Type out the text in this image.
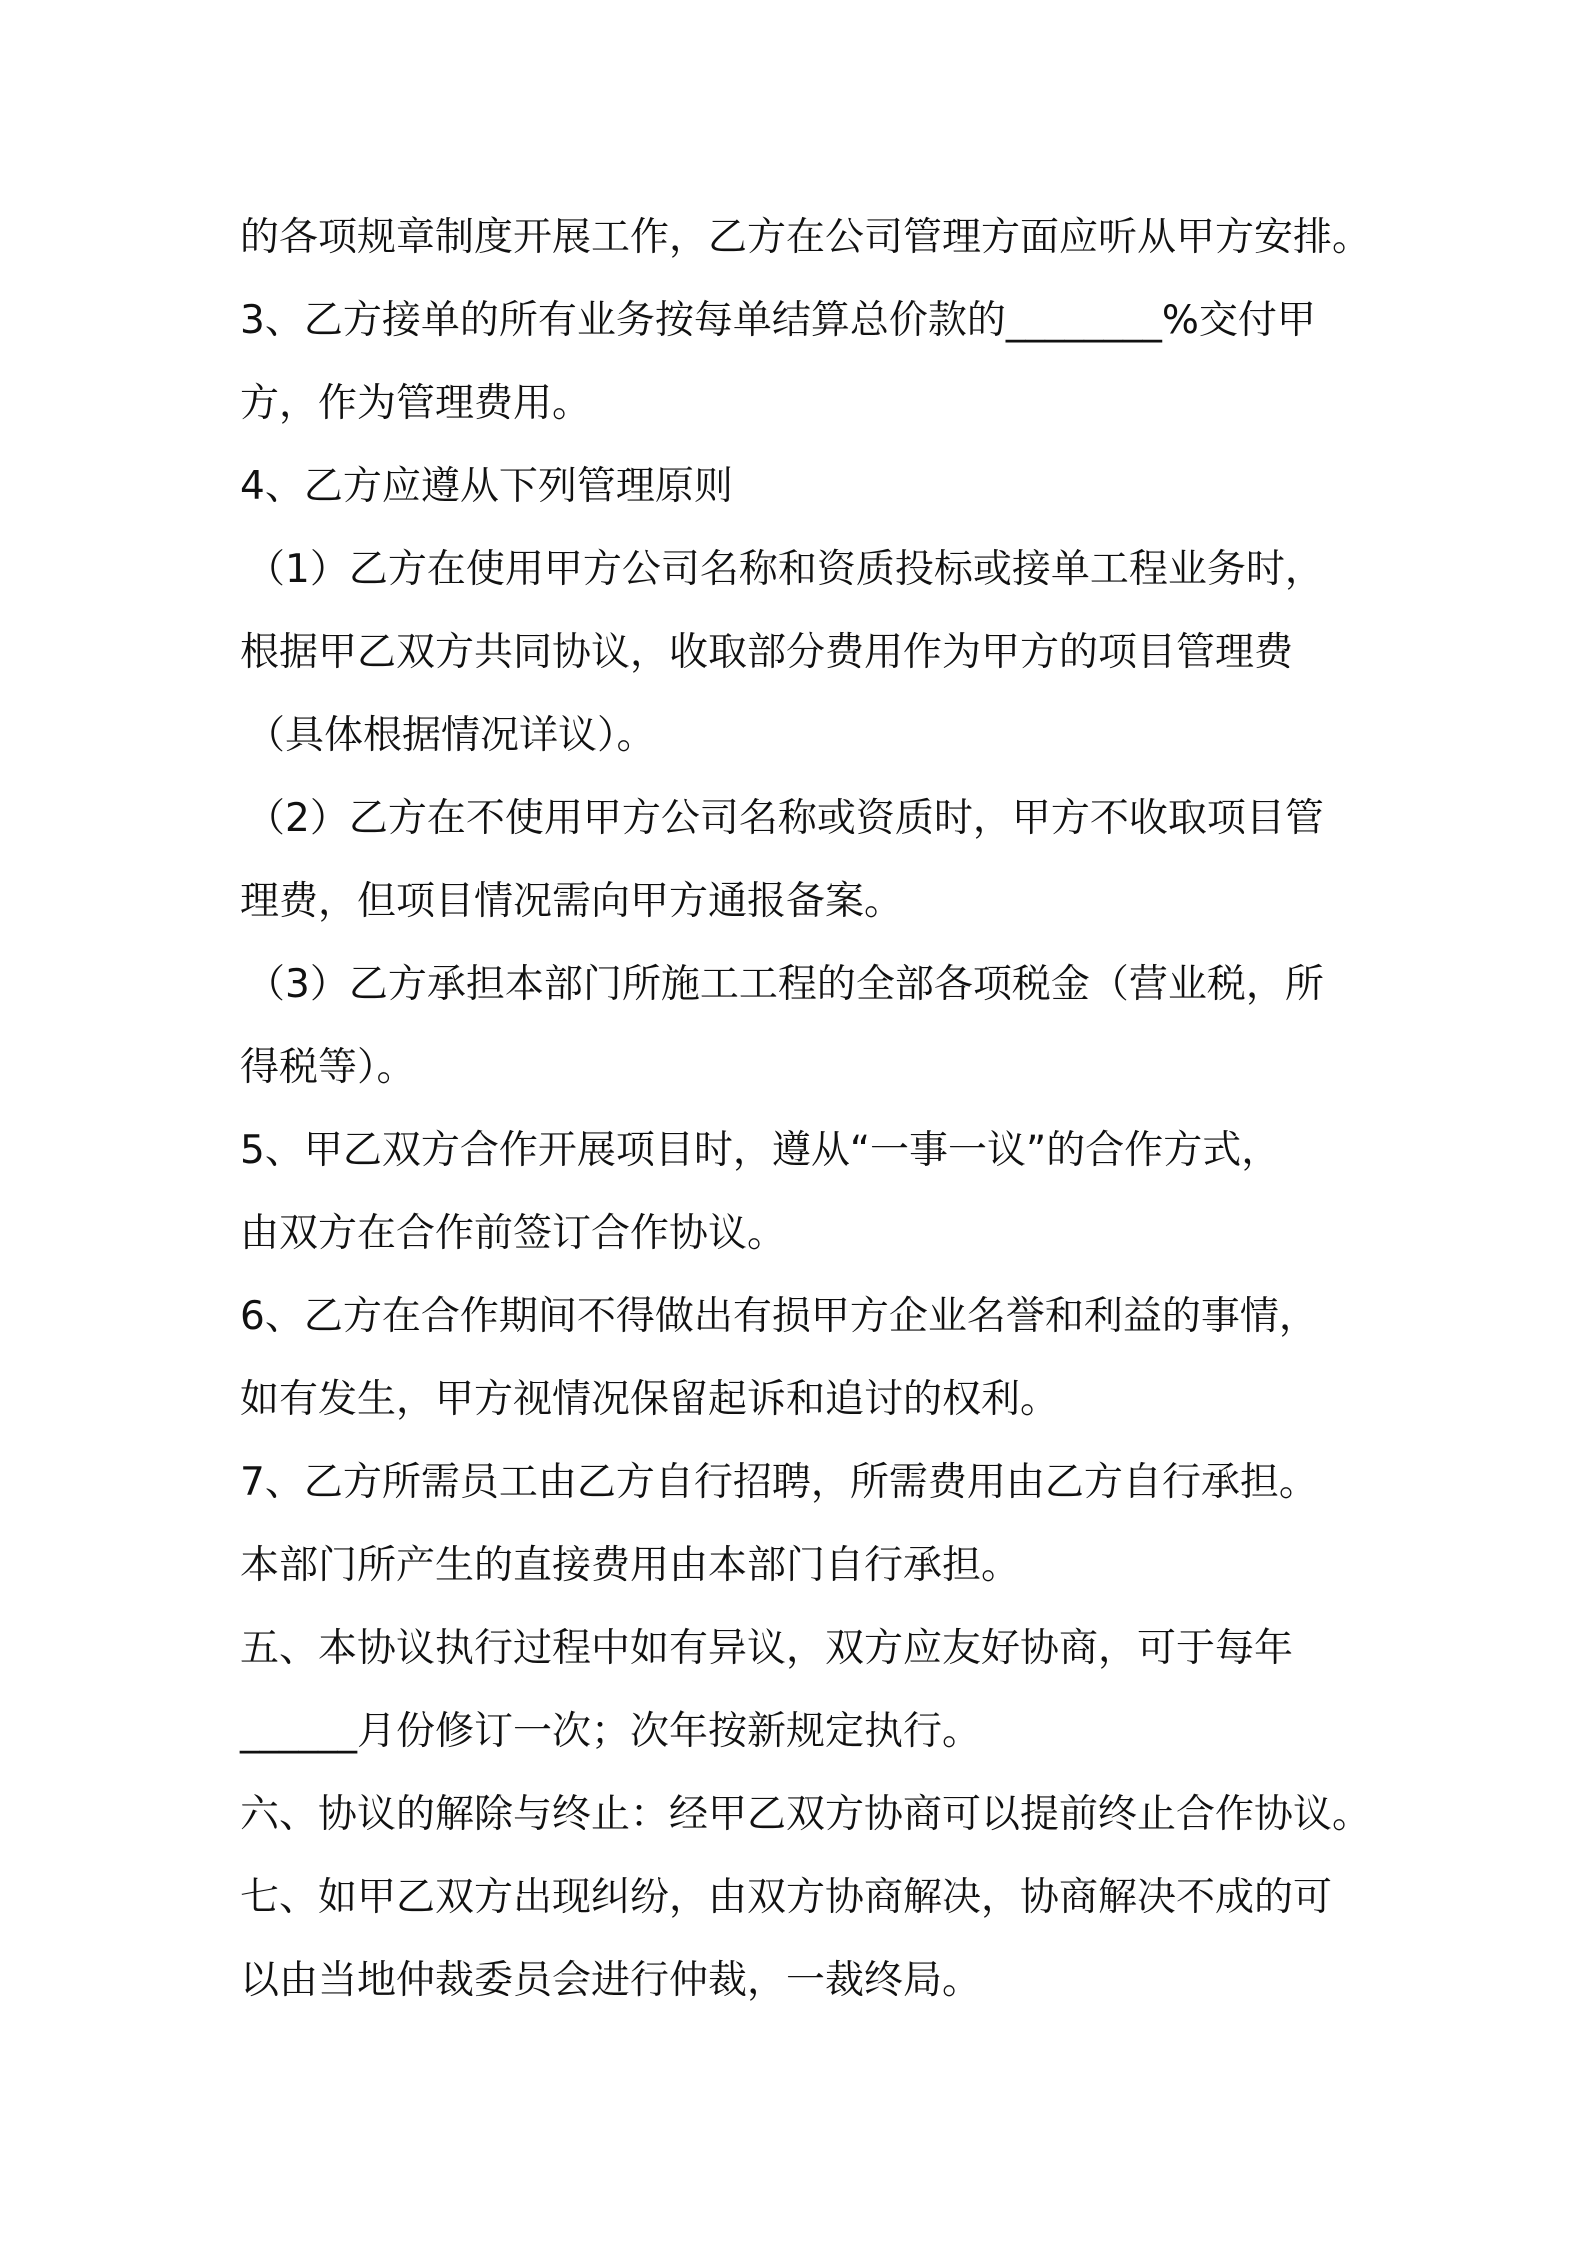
的各项规章制度开展工作，乙方在公司管理方面应听从甲方安排。
3、乙方接单的所有业务按每单结算总价款的________%交付甲
方，作为管理费用。
4、乙方应遵从下列管理原则
（1）乙方在使用甲方公司名称和资质投标或接单工程业务时，
根据甲乙双方共同协议，收取部分费用作为甲方的项目管理费
（具体根据情况详议）。
（2）乙方在不使用甲方公司名称或资质时，甲方不收取项目管
理费，但项目情况需向甲方通报备案。
（3）乙方承担本部门所施工工程的全部各项税金（营业税，所
得税等）。
5、甲乙双方合作开展项目时，遵从“一事一议”的合作方式，
由双方在合作前签订合作协议。
6、乙方在合作期间不得做出有损甲方企业名誉和利益的事情，
如有发生，甲方视情况保留起诉和追讨的权利。
7、乙方所需员工由乙方自行招聘，所需费用由乙方自行承担。
本部门所产生的直接费用由本部门自行承担。
五、本协议执行过程中如有异议，双方应友好协商，可于每年
______月份修订一次；次年按新规定执行。
六、协议的解除与终止：经甲乙双方协商可以提前终止合作协议。
七、如甲乙双方出现纠纷，由双方协商解决，协商解决不成的可
以由当地仲裁委员会进行仲裁，一裁终局。
